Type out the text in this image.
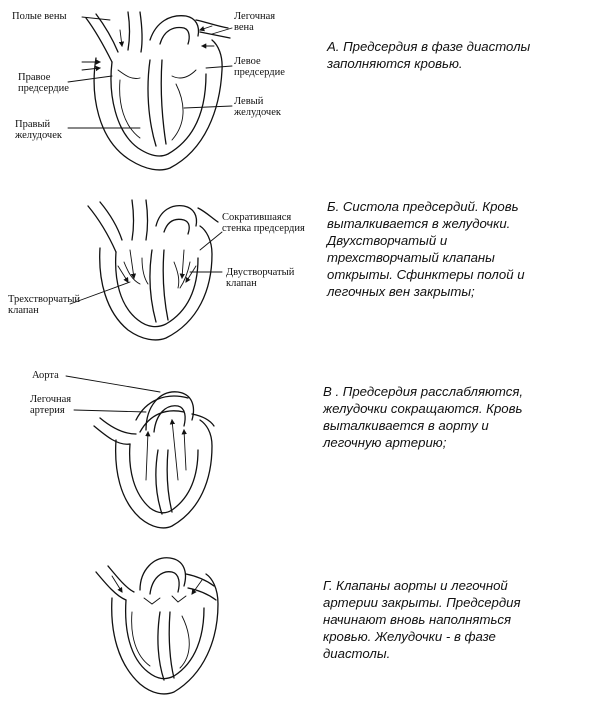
Полые вены
Правое предсердие
Правый желудочек
Легочная вена
Левое предсердие
Левый желудочек
Сократившаяся стенка предсердия
Двустворчатый клапан
Трехстворчатый клапан
Аорта
Легочная артерия
А. Предсердия в фазе диастолы
заполняются кровью.
Б. Систола предсердий. Кровь
выталкивается в желудочки.
Двухстворчатый и
трехстворчатый клапаны
открыты. Сфинктеры полой и
легочных вен закрыты;
В . Предсердия расслабляются,
желудочки сокращаются. Кровь
выталкивается в аорту и
легочную артерию;
Г. Клапаны аорты и легочной
артерии закрыты. Предсердия
начинают вновь наполняться
кровью. Желудочки - в фазе
диастолы.
